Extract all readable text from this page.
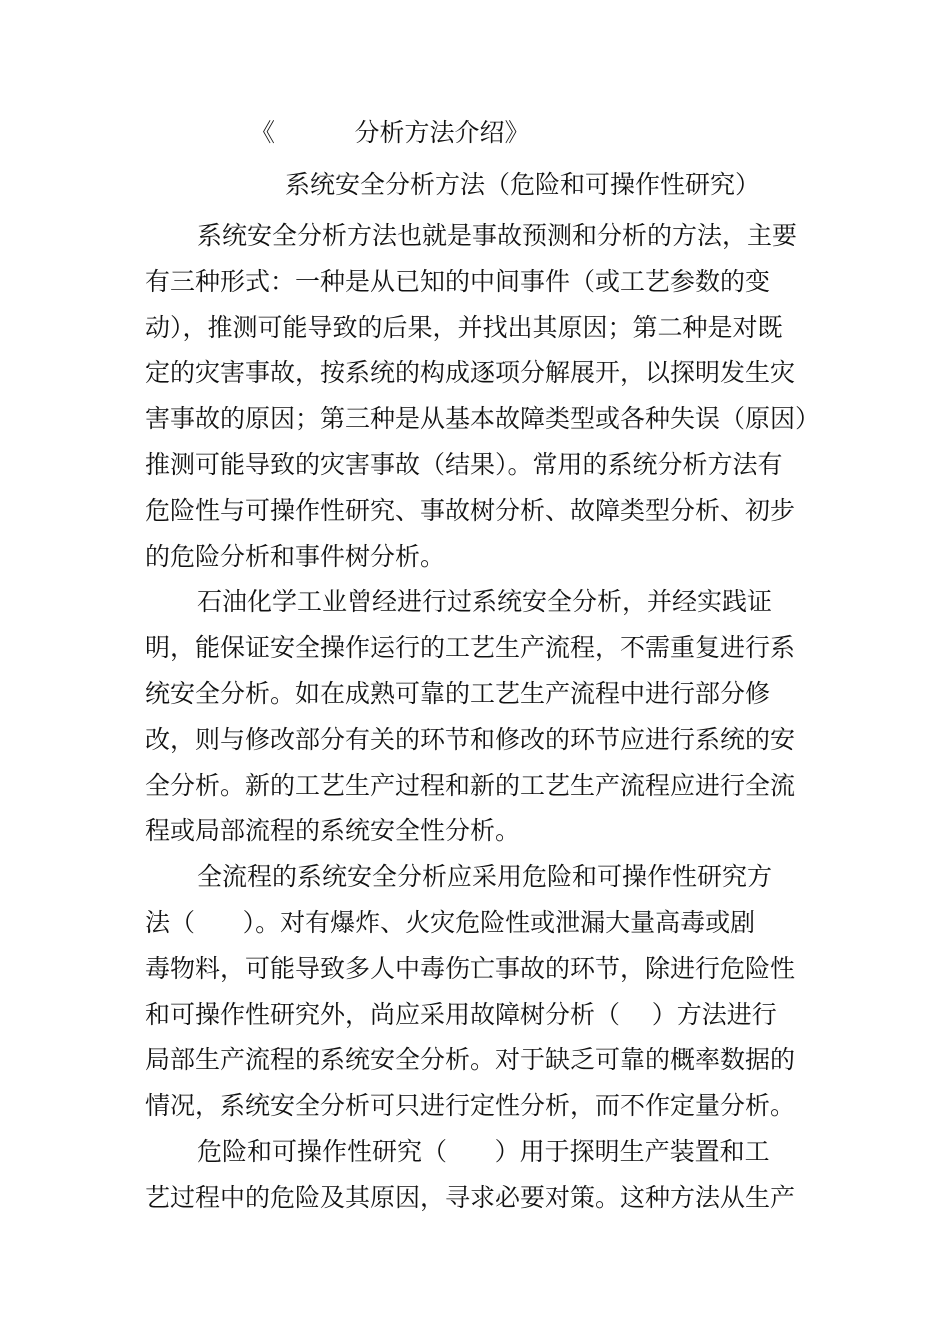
《          分析方法介绍》
系统安全分析方法（危险和可操作性研究）
系统安全分析方法也就是事故预测和分析的方法，主要
有三种形式：一种是从已知的中间事件（或工艺参数的变
动），推测可能导致的后果，并找出其原因；第二种是对既
定的灾害事故，按系统的构成逐项分解展开，以探明发生灾
害事故的原因；第三种是从基本故障类型或各种失误（原因）
推测可能导致的灾害事故（结果）。常用的系统分析方法有
危险性与可操作性研究、事故树分析、故障类型分析、初步
的危险分析和事件树分析。
石油化学工业曾经进行过系统安全分析，并经实践证
明，能保证安全操作运行的工艺生产流程，不需重复进行系
统安全分析。如在成熟可靠的工艺生产流程中进行部分修
改，则与修改部分有关的环节和修改的环节应进行系统的安
全分析。新的工艺生产过程和新的工艺生产流程应进行全流
程或局部流程的系统安全性分析。
全流程的系统安全分析应采用危险和可操作性研究方
法（      ）。对有爆炸、火灾危险性或泄漏大量高毒或剧
毒物料，可能导致多人中毒伤亡事故的环节，除进行危险性
和可操作性研究外，尚应采用故障树分析（    ）方法进行
局部生产流程的系统安全分析。对于缺乏可靠的概率数据的
情况，系统安全分析可只进行定性分析，而不作定量分析。
危险和可操作性研究（      ）用于探明生产装置和工
艺过程中的危险及其原因，寻求必要对策。这种方法从生产
